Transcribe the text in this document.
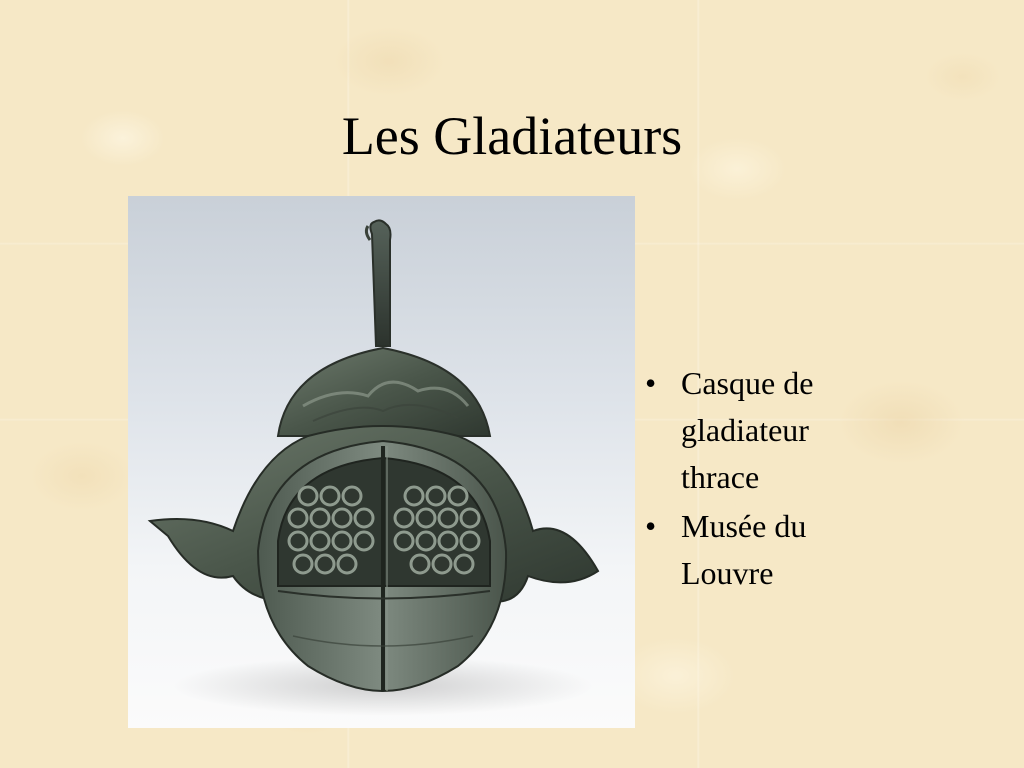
Les Gladiateurs
• Casque de gladiateur thrace
• Musée du Louvre
